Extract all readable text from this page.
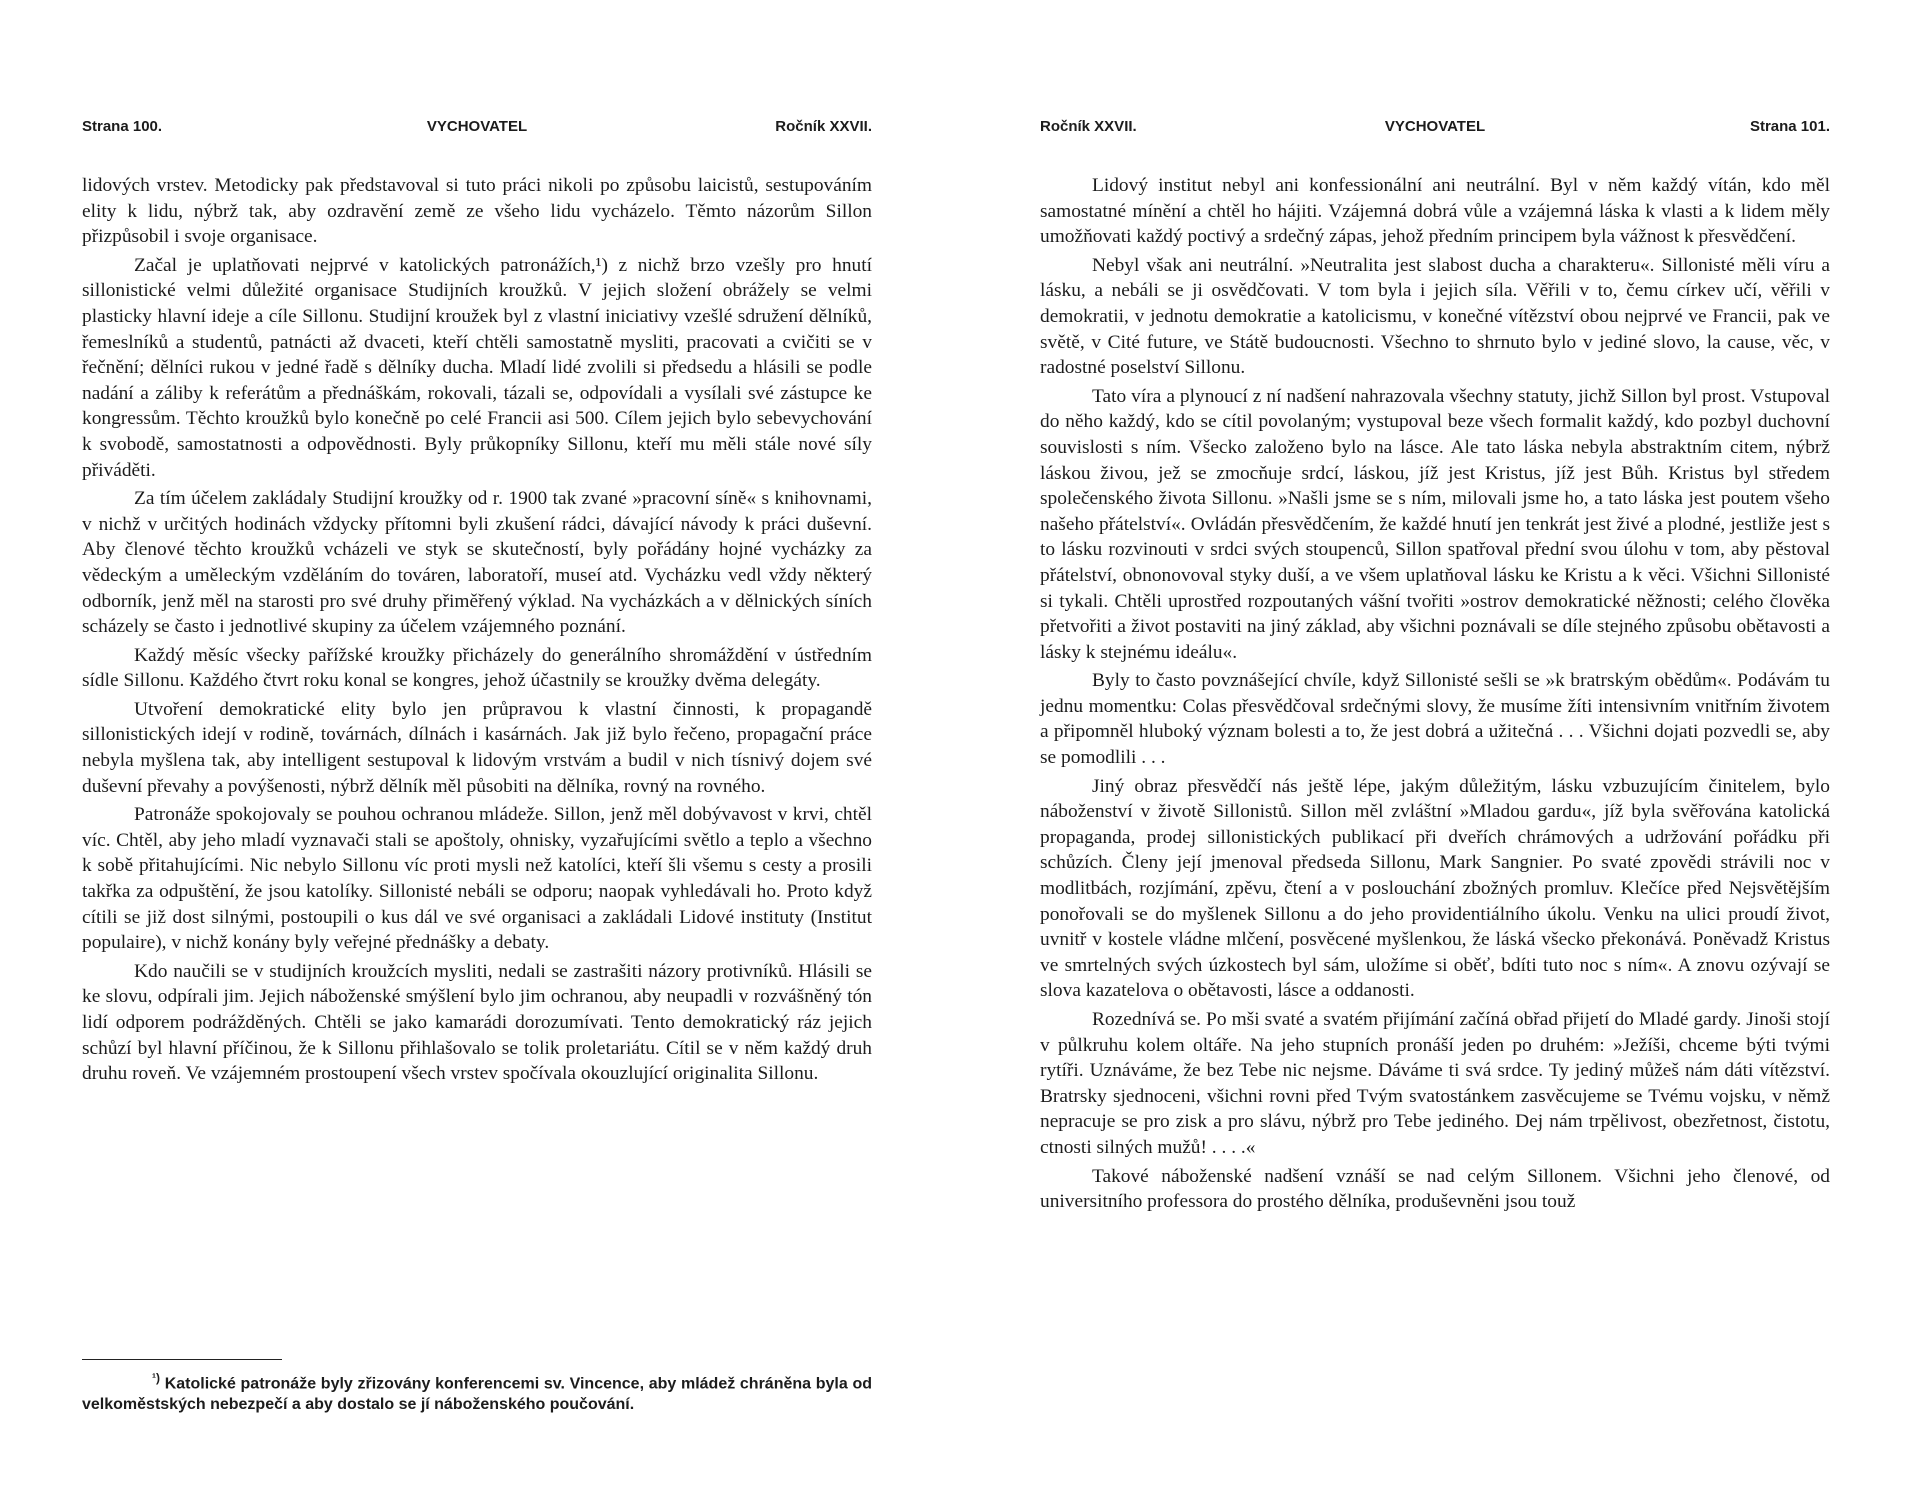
Strana 100.	VYCHOVATEL	Ročník XXVII.

lidových vrstev. Metodicky pak představoval si tuto práci nikoli po způsobu laicistů, sestupováním elity k lidu, nýbrž tak, aby ozdravění země ze všeho lidu vycházelo. Těmto názorům Sillon přizpůsobil i svoje organisace.

Začal je uplatňovati nejprvé v katolických patronážích,¹) z nichž brzo vzešly pro hnutí sillonistické velmi důležité organisace Studijních kroužků. V jejich složení obrážely se velmi plasticky hlavní ideje a cíle Sillonu. Studijní kroužek byl z vlastní iniciativy vzešlé sdružení dělníků, řemeslníků a studentů, patnácti až dvaceti, kteří chtěli samostatně mysliti, pracovati a cvičiti se v řečnění; dělníci rukou v jedné řadě s dělníky ducha. Mladí lidé zvolili si předsedu a hlásili se podle nadání a záliby k referátům a přednáškám, rokovali, tázali se, odpovídali a vysílali své zástupce ke kongressům. Těchto kroužků bylo konečně po celé Francii asi 500. Cílem jejich bylo sebevychování k svobodě, samostatnosti a odpovědnosti. Byly průkopníky Sillonu, kteří mu měli stále nové síly přiváděti.

Za tím účelem zakládaly Studijní kroužky od r. 1900 tak zvané »pracovní síně« s knihovnami, v nichž v určitých hodinách vždycky přítomni byli zkušení rádci, dávající návody k práci duševní. Aby členové těchto kroužků vcházeli ve styk se skutečností, byly pořádány hojné vycházky za vědeckým a uměleckým vzděláním do továren, laboratoří, museí atd. Vycházku vedl vždy některý odborník, jenž měl na starosti pro své druhy přiměřený výklad. Na vycházkách a v dělnických síních scházely se často i jednotlivé skupiny za účelem vzájemného poznání.

Každý měsíc všecky pařížské kroužky přicházely do generálního shromáždění v ústředním sídle Sillonu. Každého čtvrt roku konal se kongres, jehož účastnily se kroužky dvěma delegáty.

Utvoření demokratické elity bylo jen průpravou k vlastní činnosti, k propagandě sillonistických idejí v rodině, továrnách, dílnách i kasárnách. Jak již bylo řečeno, propagační práce nebyla myšlena tak, aby intelligent sestupoval k lidovým vrstvám a budil v nich tísnivý dojem své duševní převahy a povýšenosti, nýbrž dělník měl působiti na dělníka, rovný na rovného.

Patronáže spokojovaly se pouhou ochranou mládeže. Sillon, jenž měl dobývavost v krvi, chtěl víc. Chtěl, aby jeho mladí vyznavači stali se apoštoly, ohnisky, vyzařujícími světlo a teplo a všechno k sobě přitahujícími. Nic nebylo Sillonu víc proti mysli než katolíci, kteří šli všemu s cesty a prosili takřka za odpuštění, že jsou katolíky. Sillonisté nebáli se odporu; naopak vyhledávali ho. Proto když cítili se již dost silnými, postoupili o kus dál ve své organisaci a zakládali Lidové instituty (Institut populaire), v nichž konány byly veřejné přednášky a debaty.

Kdo naučili se v studijních kroužcích mysliti, nedali se zastrašiti názory protivníků. Hlásili se ke slovu, odpírali jim. Jejich náboženské smýšlení bylo jim ochranou, aby neupadli v rozvášněný tón lidí odporem podrážděných. Chtěli se jako kamarádi dorozumívati. Tento demokratický ráz jejich schůzí byl hlavní příčinou, že k Sillonu přihlašovalo se tolik proletariátu. Cítil se v něm každý druh druhu roveň. Ve vzájemném prostoupení všech vrstev spočívala okouzlující originalita Sillonu.

$^{^1)}$ Katolické patronáže byly zřizovány konferencemi sv. Vincence, aby mládež chráněna byla od velkoměstských nebezpečí a aby dostalo se jí náboženského poučování.
Ročník XXVII.	VYCHOVATEL	Strana 101.

Lidový institut nebyl ani konfessionální ani neutrální. Byl v něm každý vítán, kdo měl samostatné mínění a chtěl ho hájiti. Vzájemná dobrá vůle a vzájemná láska k vlasti a k lidem měly umožňovati každý poctivý a srdečný zápas, jehož předním principem byla vážnost k přesvědčení.

Nebyl však ani neutrální. »Neutralita jest slabost ducha a charakteru«. Sillonisté měli víru a lásku, a nebáli se ji osvědčovati. V tom byla i jejich síla. Věřili v to, čemu církev učí, věřili v demokratii, v jednotu demokratie a katolicismu, v konečné vítězství obou nejprvé ve Francii, pak ve světě, v Cité future, ve Státě budoucnosti. Všechno to shrnuto bylo v jediné slovo, la cause, věc, v radostné poselství Sillonu.

Tato víra a plynoucí z ní nadšení nahrazovala všechny statuty, jichž Sillon byl prost. Vstupoval do něho každý, kdo se cítil povolaným; vystupoval beze všech formalit každý, kdo pozbyl duchovní souvislosti s ním. Všecko založeno bylo na lásce. Ale tato láska nebyla abstraktním citem, nýbrž láskou živou, jež se zmocňuje srdcí, láskou, jíž jest Kristus, jíž jest Bůh. Kristus byl středem společenského života Sillonu. »Našli jsme se s ním, milovali jsme ho, a tato láska jest poutem všeho našeho přátelství«. Ovládán přesvědčením, že každé hnutí jen tenkrát jest živé a plodné, jestliže jest s to lásku rozvinouti v srdci svých stoupenců, Sillon spatřoval přední svou úlohu v tom, aby pěstoval přátelství, obnonovoval styky duší, a ve všem uplatňoval lásku ke Kristu a k věci. Všichni Sillonisté si tykali. Chtěli uprostřed rozpoutaných vášní tvořiti »ostrov demokratické něžnosti; celého člověka přetvořiti a život postaviti na jiný základ, aby všichni poznávali se díle stejného způsobu obětavosti a lásky k stejnému ideálu«.

Byly to často povznášející chvíle, když Sillonisté sešli se »k bratrským obědům«. Podávám tu jednu momentku: Colas přesvědčoval srdečnými slovy, že musíme žíti intensivním vnitřním životem a připomněl hluboký význam bolesti a to, že jest dobrá a užitečná . . . Všichni dojati pozvedli se, aby se pomodlili . . .

Jiný obraz přesvědčí nás ještě lépe, jakým důležitým, lásku vzbuzujícím činitelem, bylo náboženství v životě Sillonistů. Sillon měl zvláštní »Mladou gardu«, jíž byla svěřována katolická propaganda, prodej sillonistických publikací při dveřích chrámových a udržování pořádku při schůzích. Členy její jmenoval předseda Sillonu, Mark Sangnier. Po svaté zpovědi strávili noc v modlitbách, rozjímání, zpěvu, čtení a v poslouchání zbožných promluv. Klečíce před Nejsvětějším ponořovali se do myšlenek Sillonu a do jeho providentiálního úkolu. Venku na ulici proudí život, uvnitř v kostele vládne mlčení, posvěcené myšlenkou, že láská všecko překonává. Poněvadž Kristus ve smrtelných svých úzkostech byl sám, uložíme si oběť, bdíti tuto noc s ním«. A znovu ozývají se slova kazatelova o obětavosti, lásce a oddanosti.

Rozednívá se. Po mši svaté a svatém přijímání začíná obřad přijetí do Mladé gardy. Jinoši stojí v půlkruhu kolem oltáře. Na jeho stupních pronáší jeden po druhém: »Ježíši, chceme býti tvými rytíři. Uznáváme, že bez Tebe nic nejsme. Dáváme ti svá srdce. Ty jediný můžeš nám dáti vítězství. Bratrsky sjednoceni, všichni rovni před Tvým svatostánkem zasvěcujeme se Tvému vojsku, v němž nepracuje se pro zisk a pro slávu, nýbrž pro Tebe jediného. Dej nám trpělivost, obezřetnost, čistotu, ctnosti silných mužů! . . . .«

Takové náboženské nadšení vznáší se nad celým Sillonem. Všichni jeho členové, od universitního professora do prostého dělníka, produševněni jsou touž
